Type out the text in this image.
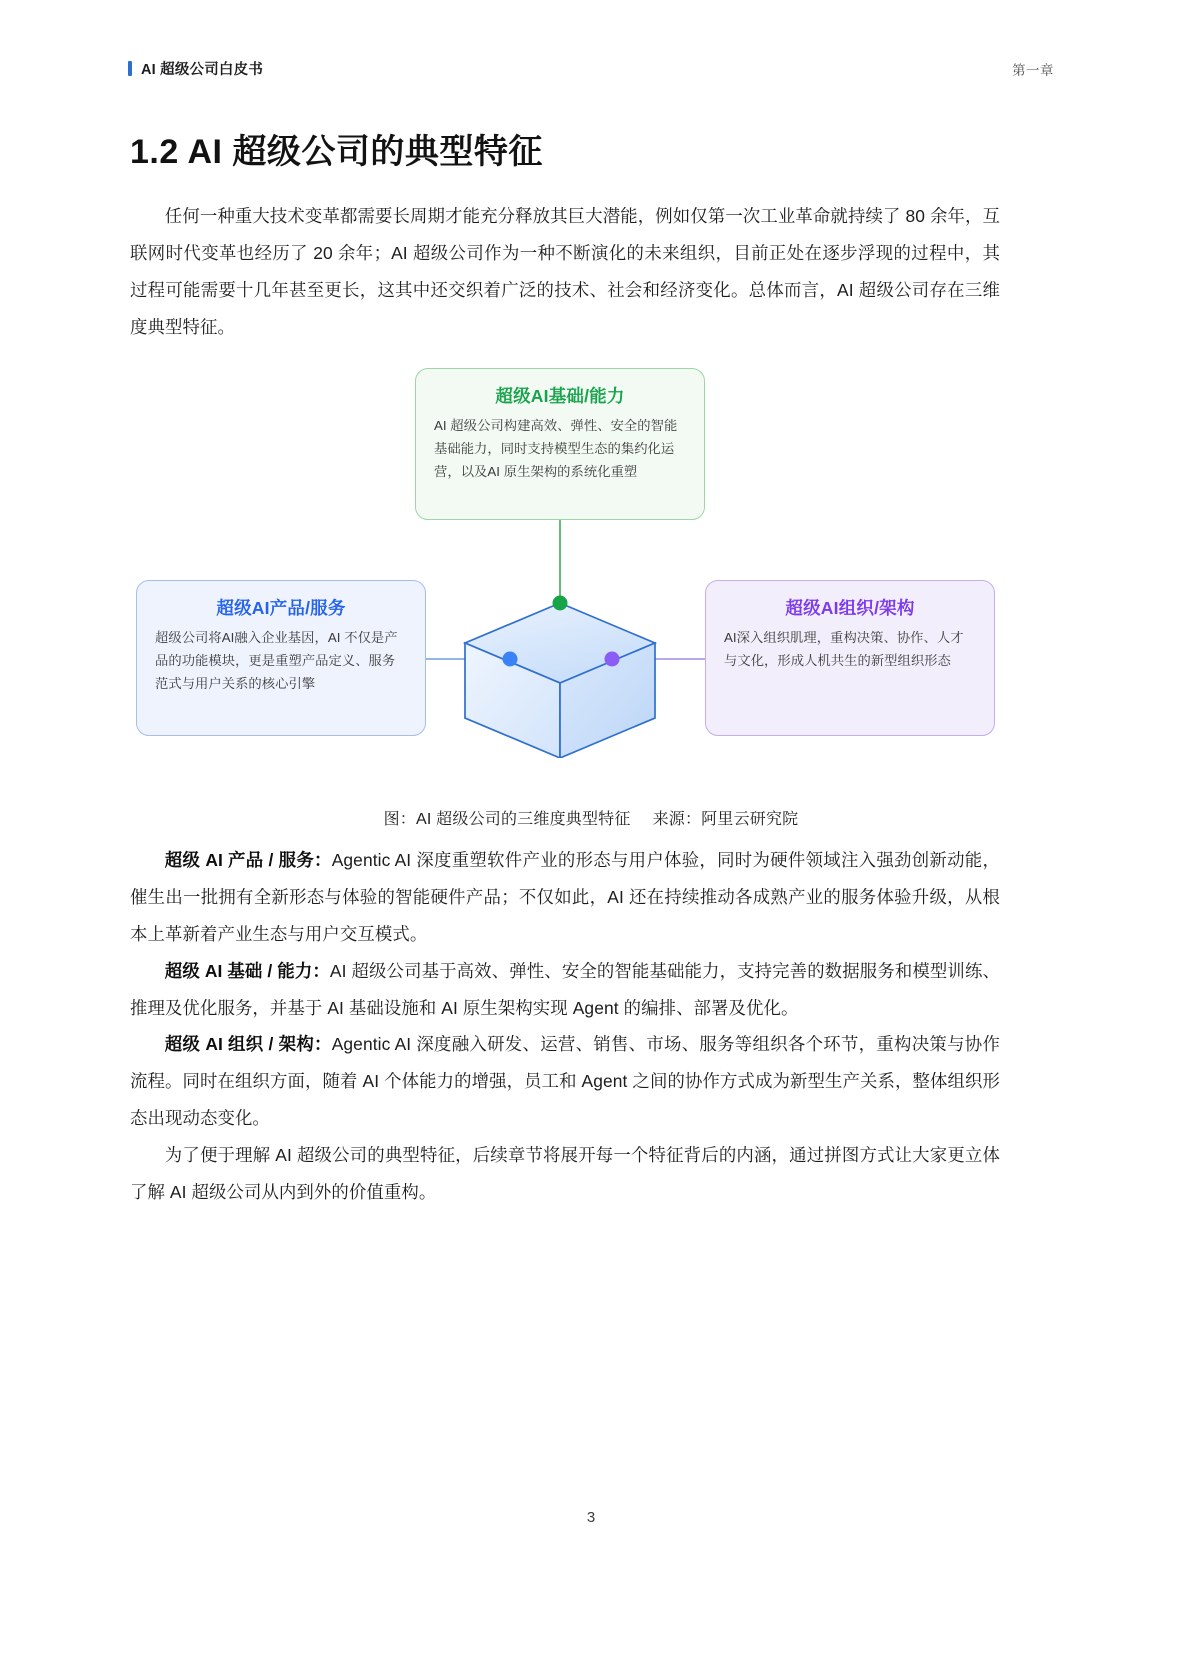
AI 超级公司白皮书	第一章
1.2 AI 超级公司的典型特征

任何一种重大技术变革都需要长周期才能充分释放其巨大潜能，例如仅第一次工业革命就持续了 80 余年，互联网时代变革也经历了 20 余年；AI 超级公司作为一种不断演化的未来组织，目前正处在逐步浮现的过程中，其过程可能需要十几年甚至更长，这其中还交织着广泛的技术、社会和经济变化。总体而言，AI 超级公司存在三维度典型特征。

超级AI基础/能力
AI 超级公司构建高效、弹性、安全的智能基础能力，同时支持模型生态的集约化运营，以及AI 原生架构的系统化重塑
超级AI产品/服务
超级公司将AI融入企业基因，AI 不仅是产品的功能模块，更是重塑产品定义、服务范式与用户关系的核心引擎
超级AI组织/架构
AI深入组织肌理，重构决策、协作、人才与文化，形成人机共生的新型组织形态
图：AI 超级公司的三维度典型特征 来源：阿里云研究院

超级 AI 产品 / 服务：Agentic AI 深度重塑软件产业的形态与用户体验，同时为硬件领域注入强劲创新动能，催生出一批拥有全新形态与体验的智能硬件产品；不仅如此，AI 还在持续推动各成熟产业的服务体验升级，从根本上革新着产业生态与用户交互模式。

超级 AI 基础 / 能力：AI 超级公司基于高效、弹性、安全的智能基础能力，支持完善的数据服务和模型训练、推理及优化服务，并基于 AI 基础设施和 AI 原生架构实现 Agent 的编排、部署及优化。

超级 AI 组织 / 架构：Agentic AI 深度融入研发、运营、销售、市场、服务等组织各个环节，重构决策与协作流程。同时在组织方面，随着 AI 个体能力的增强，员工和 Agent 之间的协作方式成为新型生产关系，整体组织形态出现动态变化。

为了便于理解 AI 超级公司的典型特征，后续章节将展开每一个特征背后的内涵，通过拼图方式让大家更立体了解 AI 超级公司从内到外的价值重构。

3
